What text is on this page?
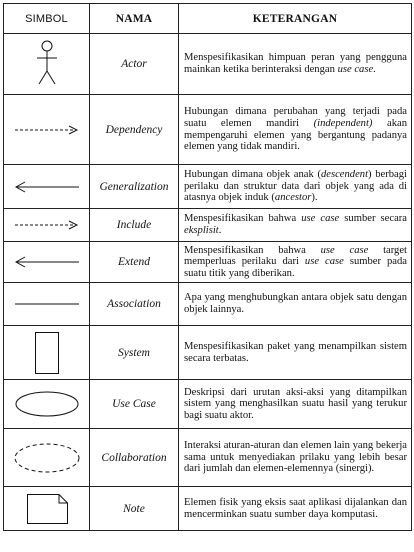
SIMBOL	NAMA	KETERANGAN

	Actor	Menspesifikasikan himpuan peran yang pengguna mainkan ketika berinteraksi dengan use case.

	Dependency	Hubungan dimana perubahan yang terjadi pada suatu elemen mandiri (independent) akan mempengaruhi elemen yang bergantung padanya elemen yang tidak mandiri.

	Generalization	Hubungan dimana objek anak (descendent) berbagi perilaku dan struktur data dari objek yang ada di atasnya objek induk (ancestor).

	Include	Menspesifikasikan bahwa use case sumber secara eksplisit.

	Extend	Menspesifikasikan bahwa use case target memperluas perilaku dari use case sumber pada suatu titik yang diberikan.

	Association	Apa yang menghubungkan antara objek satu dengan objek lainnya.

	System	Menspesifikasikan paket yang menampilkan sistem secara terbatas.

	Use Case	Deskripsi dari urutan aksi-aksi yang ditampilkan sistem yang menghasilkan suatu hasil yang terukur bagi suatu aktor.

	Collaboration	Interaksi aturan-aturan dan elemen lain yang bekerja sama untuk menyediakan prilaku yang lebih besar dari jumlah dan elemen-elemennya (sinergi).

	Note	Elemen fisik yang eksis saat aplikasi dijalankan dan mencerminkan suatu sumber daya komputasi.
